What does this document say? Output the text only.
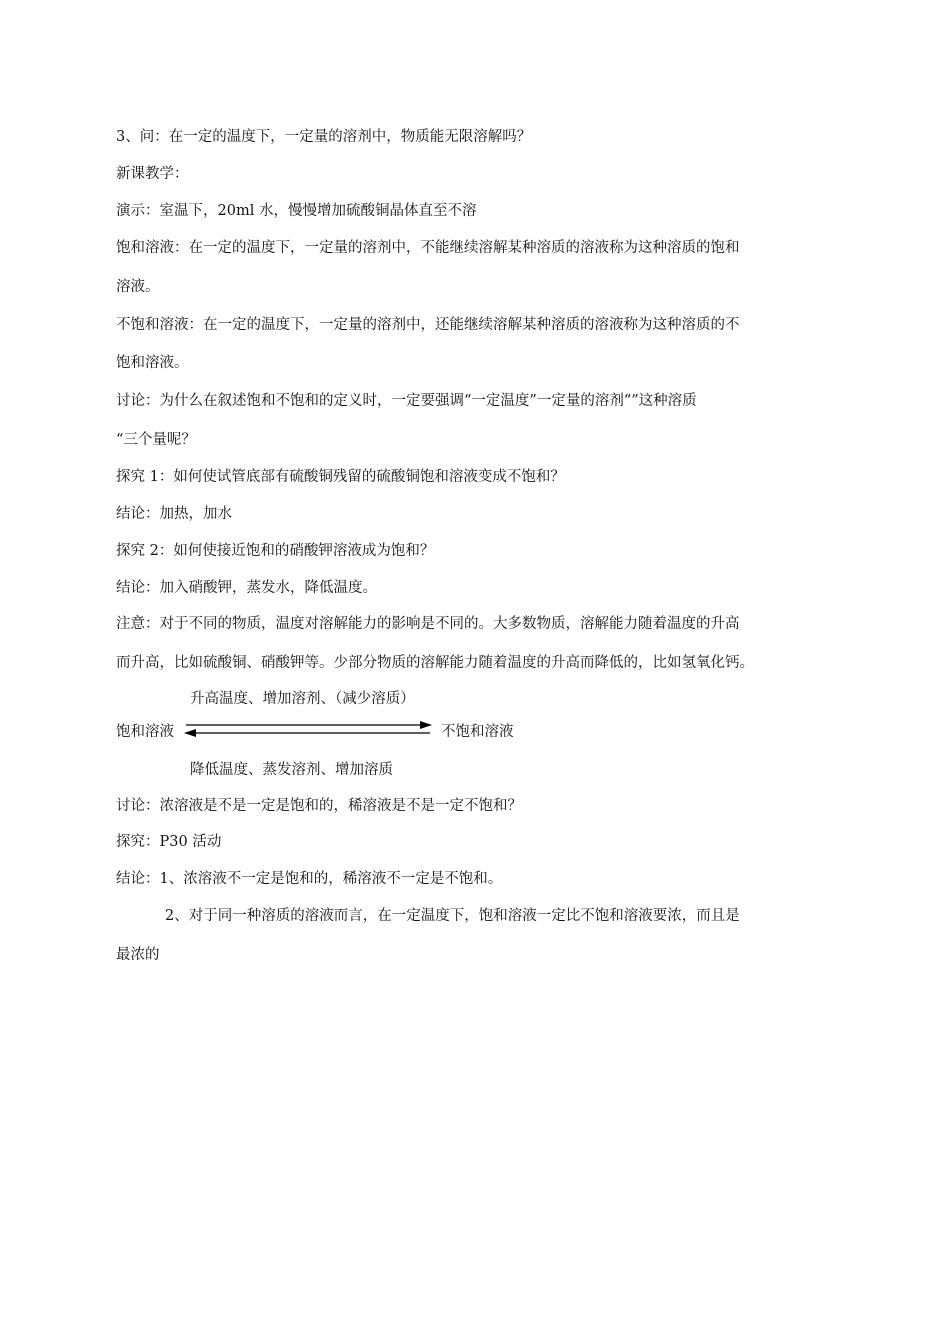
3、问：在一定的温度下，一定量的溶剂中，物质能无限溶解吗？
新课教学：
演示：室温下，20ml 水，慢慢增加硫酸铜晶体直至不溶
饱和溶液：在一定的温度下，一定量的溶剂中，不能继续溶解某种溶质的溶液称为这种溶质的饱和
溶液。
不饱和溶液：在一定的温度下，一定量的溶剂中，还能继续溶解某种溶质的溶液称为这种溶质的不
饱和溶液。
讨论：为什么在叙述饱和不饱和的定义时，一定要强调“一定温度”一定量的溶剂“”这种溶质
“三个量呢？
探究 1：如何使试管底部有硫酸铜残留的硫酸铜饱和溶液变成不饱和？
结论：加热，加水
探究 2：如何使接近饱和的硝酸钾溶液成为饱和？
结论：加入硝酸钾，蒸发水，降低温度。
注意：对于不同的物质，温度对溶解能力的影响是不同的。大多数物质，溶解能力随着温度的升高
而升高，比如硫酸铜、硝酸钾等。少部分物质的溶解能力随着温度的升高而降低的，比如氢氧化钙。
升高温度、增加溶剂、（减少溶质）
饱和溶液	不饱和溶液
降低温度、蒸发溶剂、增加溶质
讨论：浓溶液是不是一定是饱和的，稀溶液是不是一定不饱和？
探究：P30 活动
结论：1、浓溶液不一定是饱和的，稀溶液不一定是不饱和。
2、对于同一种溶质的溶液而言，在一定温度下，饱和溶液一定比不饱和溶液要浓，而且是
最浓的
